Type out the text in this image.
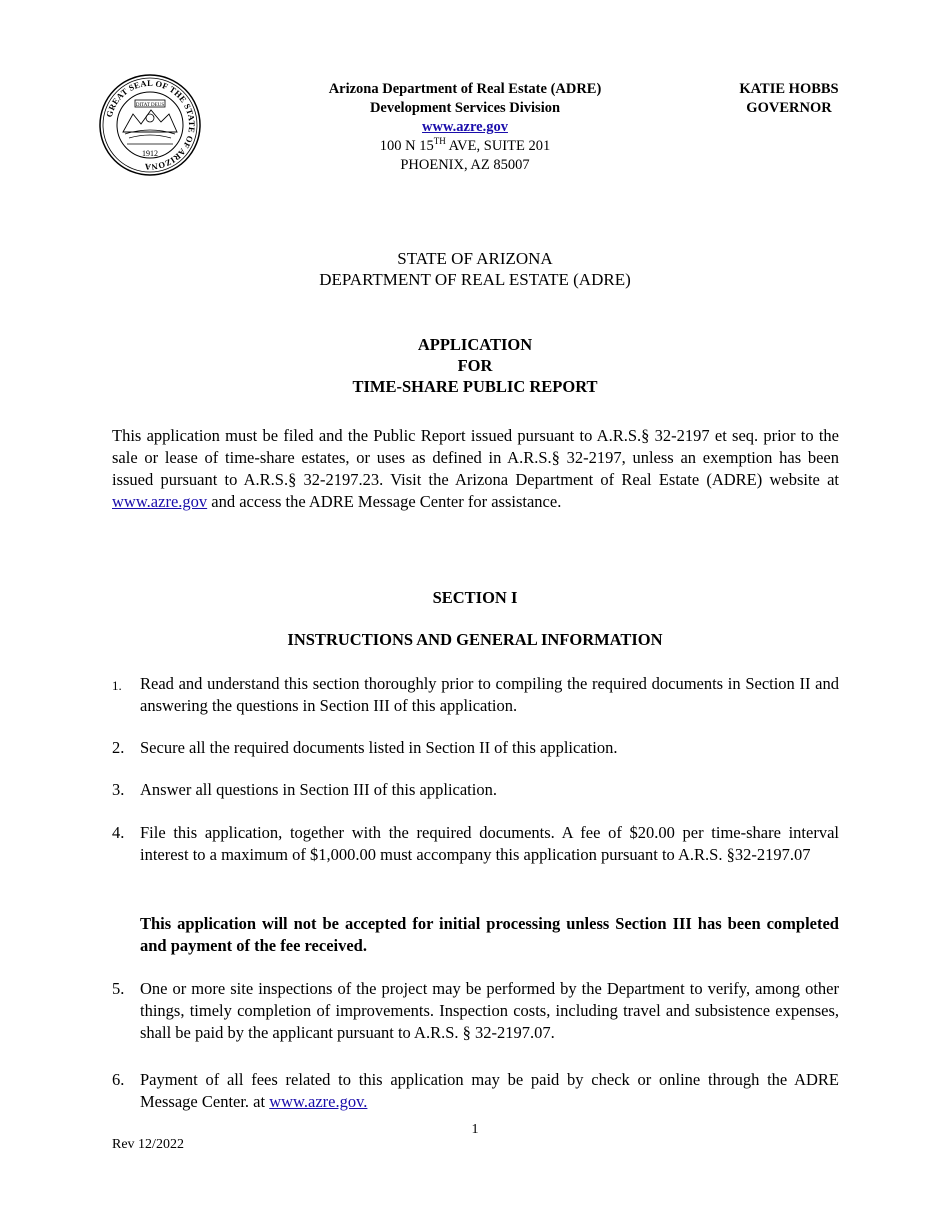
GREAT SEAL OF THE STATE OF ARIZONA
DITAT DEUS
1912
Arizona Department of Real Estate (ADRE)
Development Services Division
www.azre.gov
100 N 15TH AVE, SUITE 201
PHOENIX, AZ 85007
KATIE HOBBS
GOVERNOR
STATE OF ARIZONA
DEPARTMENT OF REAL ESTATE (ADRE)
APPLICATION
FOR
TIME-SHARE PUBLIC REPORT
This application must be filed and the Public Report issued pursuant to A.R.S.§ 32-2197 et seq. prior to the sale or lease of time-share estates, or uses as defined in A.R.S.§ 32-2197, unless an exemption has been issued pursuant to A.R.S.§ 32-2197.23. Visit the Arizona Department of Real Estate (ADRE) website at www.azre.gov and access the ADRE Message Center for assistance.
SECTION I
INSTRUCTIONS AND GENERAL INFORMATION
1.	Read and understand this section thoroughly prior to compiling the required documents in Section II and answering the questions in Section III of this application.
2. Secure all the required documents listed in Section II of this application.
3. Answer all questions in Section III of this application.
4. File this application, together with the required documents. A fee of $20.00 per time-share interval interest to a maximum of $1,000.00 must accompany this application pursuant to A.R.S. §32-2197.07
This application will not be accepted for initial processing unless Section III has been completed and payment of the fee received.
5. One or more site inspections of the project may be performed by the Department to verify, among other things, timely completion of improvements. Inspection costs, including travel and subsistence expenses, shall be paid by the applicant pursuant to A.R.S. § 32-2197.07.
6. Payment of all fees related to this application may be paid by check or online through the ADRE Message Center. at www.azre.gov.
1
Rev 12/2022
